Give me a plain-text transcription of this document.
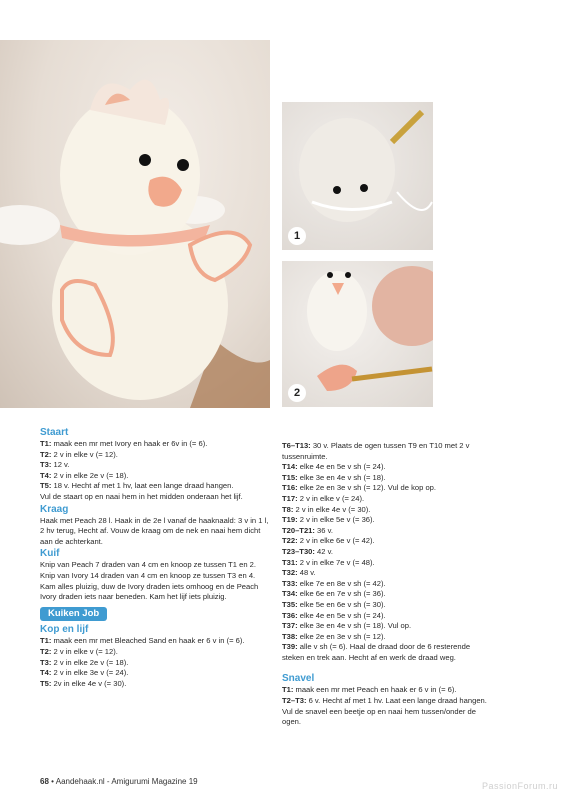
1
2

Staart

T1: maak een mr met Ivory en haak er 6v in (= 6).

T2: 2 v in elke v (= 12).

T3: 12 v.

T4: 2 v in elke 2e v (= 18).

T5: 18 v. Hecht af met 1 hv, laat een lange draad hangen.

Vul de staart op en naai hem in het midden onderaan het lijf.

Kraag

Haak met Peach 28 l. Haak in de 2e l vanaf de haaknaald: 3 v in 1 l, 2 hv terug, Hecht af. Vouw de kraag om de nek en naai hem dicht aan de achterkant.

Kuif

Knip van Peach 7 draden van 4 cm en knoop ze tussen T1 en 2. Knip van Ivory 14 draden van 4 cm en knoop ze tussen T3 en 4. Kam alles pluizig, duw de Ivory draden iets omhoog en de Peach Ivory draden iets naar beneden. Kam het lijf iets pluizig.

Kuiken Job

Kop en lijf

T1: maak een mr met Bleached Sand en haak er 6 v in (= 6).

T2: 2 v in elke v (= 12).

T3: 2 v in elke 2e v (= 18).

T4: 2 v in elke 3e v (= 24).

T5: 2v in elke 4e v (= 30).

T6–T13: 30 v. Plaats de ogen tussen T9 en T10 met 2 v tussenruimte.

T14: elke 4e en 5e v sh (= 24).

T15: elke 3e en 4e v sh (= 18).

T16: elke 2e en 3e v sh (= 12). Vul de kop op.

T17: 2 v in elke v (= 24).

T8: 2 v in elke 4e v (= 30).

T19: 2 v in elke 5e v (= 36).

T20–T21: 36 v.

T22: 2 v in elke 6e v (= 42).

T23–T30: 42 v.

T31: 2 v in elke 7e v (= 48).

T32: 48 v.

T33: elke 7e en 8e v sh (= 42).

T34: elke 6e en 7e v sh (= 36).

T35: elke 5e en 6e v sh (= 30).

T36: elke 4e en 5e v sh (= 24).

T37: elke 3e en 4e v sh (= 18). Vul op.

T38: elke 2e en 3e v sh (= 12).

T39: alle v sh (= 6). Haal de draad door de 6 resterende steken en trek aan. Hecht af en werk de draad weg.

Snavel

T1: maak een mr met Peach en haak er 6 v in (= 6).

T2–T3: 6 v. Hecht af met 1 hv. Laat een lange draad hangen.

Vul de snavel een beetje op en naai hem tussen/onder de ogen.

68 • Aandehaak.nl - Amigurumi Magazine 19	PassionForum.ru
